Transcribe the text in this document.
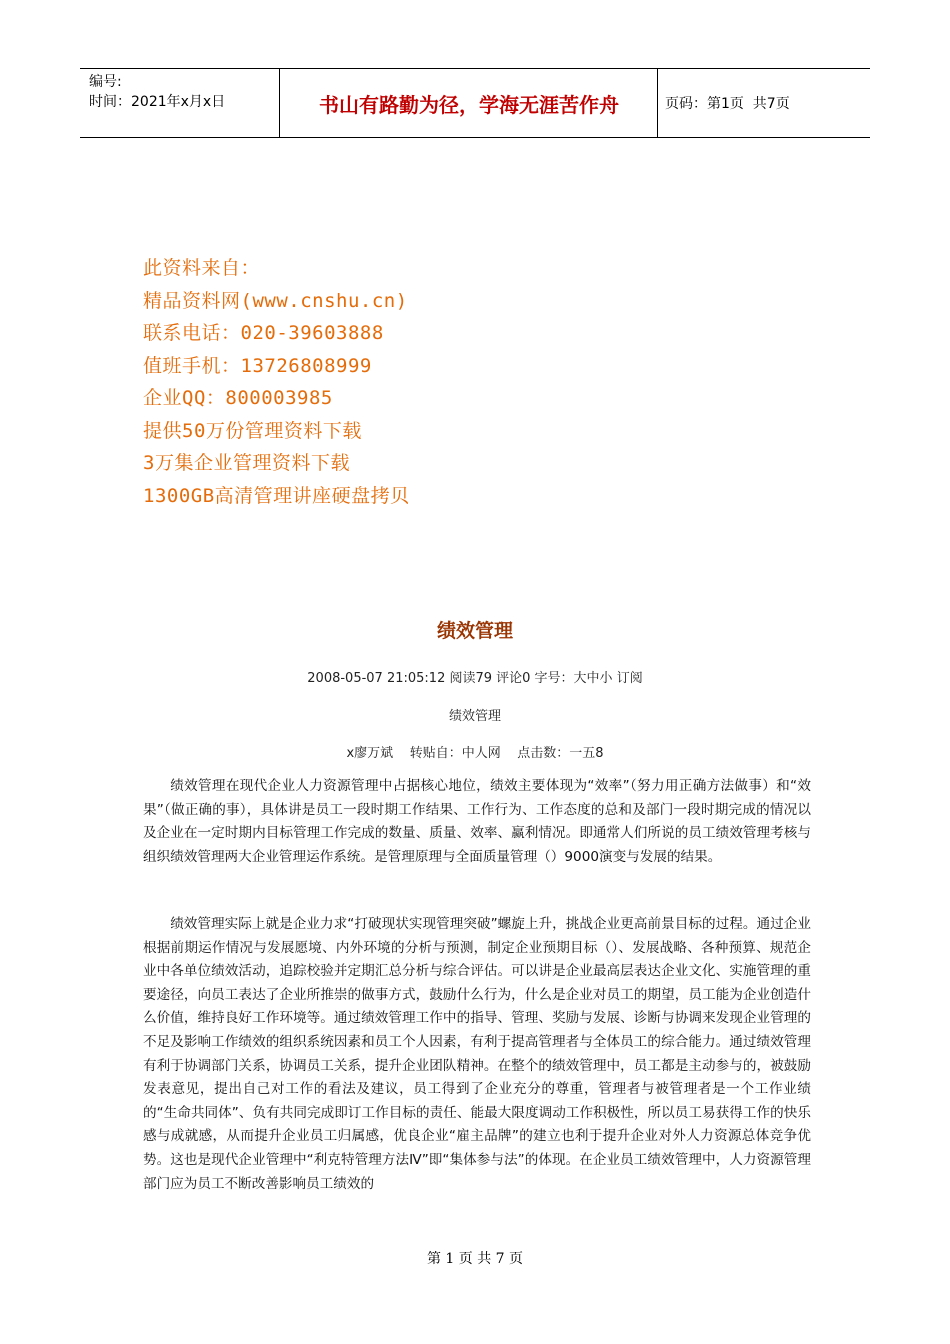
编号:
时间：2021年x月x日	书山有路勤为径，学海无涯苦作舟	页码：第1页  共7页
此资料来自：
精品资料网(www.cnshu.cn)
联系电话：020-39603888
值班手机：13726808999
企业QQ：800003985
提供50万份管理资料下载
3万集企业管理资料下载
1300GB高清管理讲座硬盘拷贝
绩效管理
2008-05-07 21:05:12 阅读79 评论0 字号：大中小 订阅
绩效管理
x廖万斌    转贴自：中人网    点击数：一五8

绩效管理在现代企业人力资源管理中占据核心地位，绩效主要体现为“效率”（努力用正确方法做事）和“效果”（做正确的事），具体讲是员工一段时期工作结果、工作行为、工作态度的总和及部门一段时期完成的情况以及企业在一定时期内目标管理工作完成的数量、质量、效率、赢利情况。即通常人们所说的员工绩效管理考核与组织绩效管理两大企业管理运作系统。是管理原理与全面质量管理（）9000演变与发展的结果。

绩效管理实际上就是企业力求“打破现状实现管理突破”螺旋上升，挑战企业更高前景目标的过程。通过企业根据前期运作情况与发展愿境、内外环境的分析与预测，制定企业预期目标（）、发展战略、各种预算、规范企业中各单位绩效活动，追踪校验并定期汇总分析与综合评估。可以讲是企业最高层表达企业文化、实施管理的重要途径，向员工表达了企业所推崇的做事方式，鼓励什么行为，什么是企业对员工的期望，员工能为企业创造什么价值，维持良好工作环境等。通过绩效管理工作中的指导、管理、奖励与发展、诊断与协调来发现企业管理的不足及影响工作绩效的组织系统因素和员工个人因素，有利于提高管理者与全体员工的综合能力。通过绩效管理有利于协调部门关系，协调员工关系，提升企业团队精神。在整个的绩效管理中，员工都是主动参与的，被鼓励发表意见，提出自己对工作的看法及建议，员工得到了企业充分的尊重，管理者与被管理者是一个工作业绩的“生命共同体”、负有共同完成即订工作目标的责任、能最大限度调动工作积极性，所以员工易获得工作的快乐感与成就感，从而提升企业员工归属感，优良企业“雇主品牌”的建立也利于提升企业对外人力资源总体竞争优势。这也是现代企业管理中“利克特管理方法Ⅳ”即“集体参与法”的体现。在企业员工绩效管理中，人力资源管理部门应为员工不断改善影响员工绩效的

第 1 页 共 7 页
